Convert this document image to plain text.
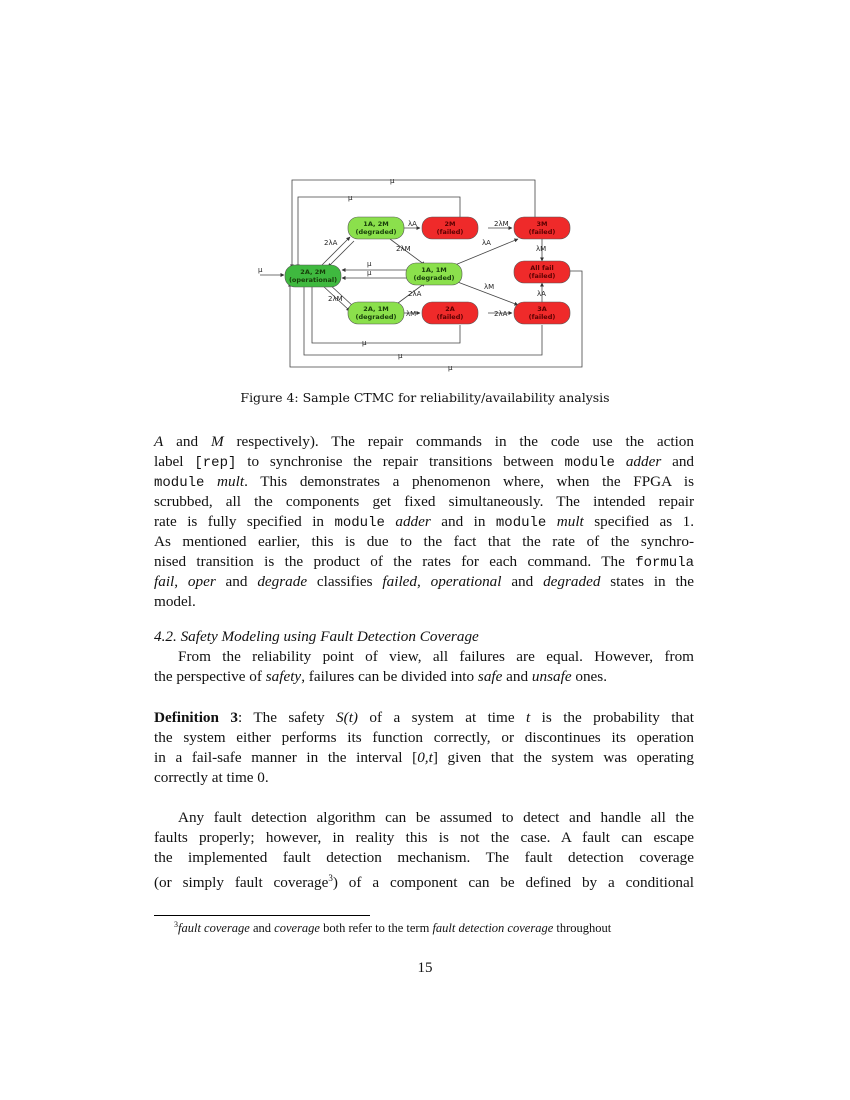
μ
μ
2λA
λA	2λM
λA
2λM	λM
μ
μ
μ
λM
λA
2λA
2λM
λM	2λA
μ
μ
μ
2A, 2M
(operational)
1A, 2M
(degraded)
1A, 1M
(degraded)
2A, 1M
(degraded)
2M
(failed)
3M
(failed)
All fail
(failed)
2A
(failed)
3A
(failed)
Figure 4: Sample CTMC for reliability/availability analysis
A and M respectively). The repair commands in the code use the action
label [rep] to synchronise the repair transitions between module adder and
module mult. This demonstrates a phenomenon where, when the FPGA is
scrubbed, all the components get fixed simultaneously. The intended repair
rate is fully specified in module adder and in module mult specified as 1.
As mentioned earlier, this is due to the fact that the rate of the synchro-
nised transition is the product of the rates for each command. The formula
fail, oper and degrade classifies failed, operational and degraded states in the
model.
4.2. Safety Modeling using Fault Detection Coverage
From the reliability point of view, all failures are equal. However, from
the perspective of safety, failures can be divided into safe and unsafe ones.
Definition 3: The safety S(t) of a system at time t is the probability that
the system either performs its function correctly, or discontinues its operation
in a fail-safe manner in the interval [0,t] given that the system was operating
correctly at time 0.
Any fault detection algorithm can be assumed to detect and handle all the
faults properly; however, in reality this is not the case. A fault can escape
the implemented fault detection mechanism. The fault detection coverage
(or simply fault coverage$^3$) of a component can be defined by a conditional
$^3$fault coverage and coverage both refer to the term fault detection coverage throughout
15
